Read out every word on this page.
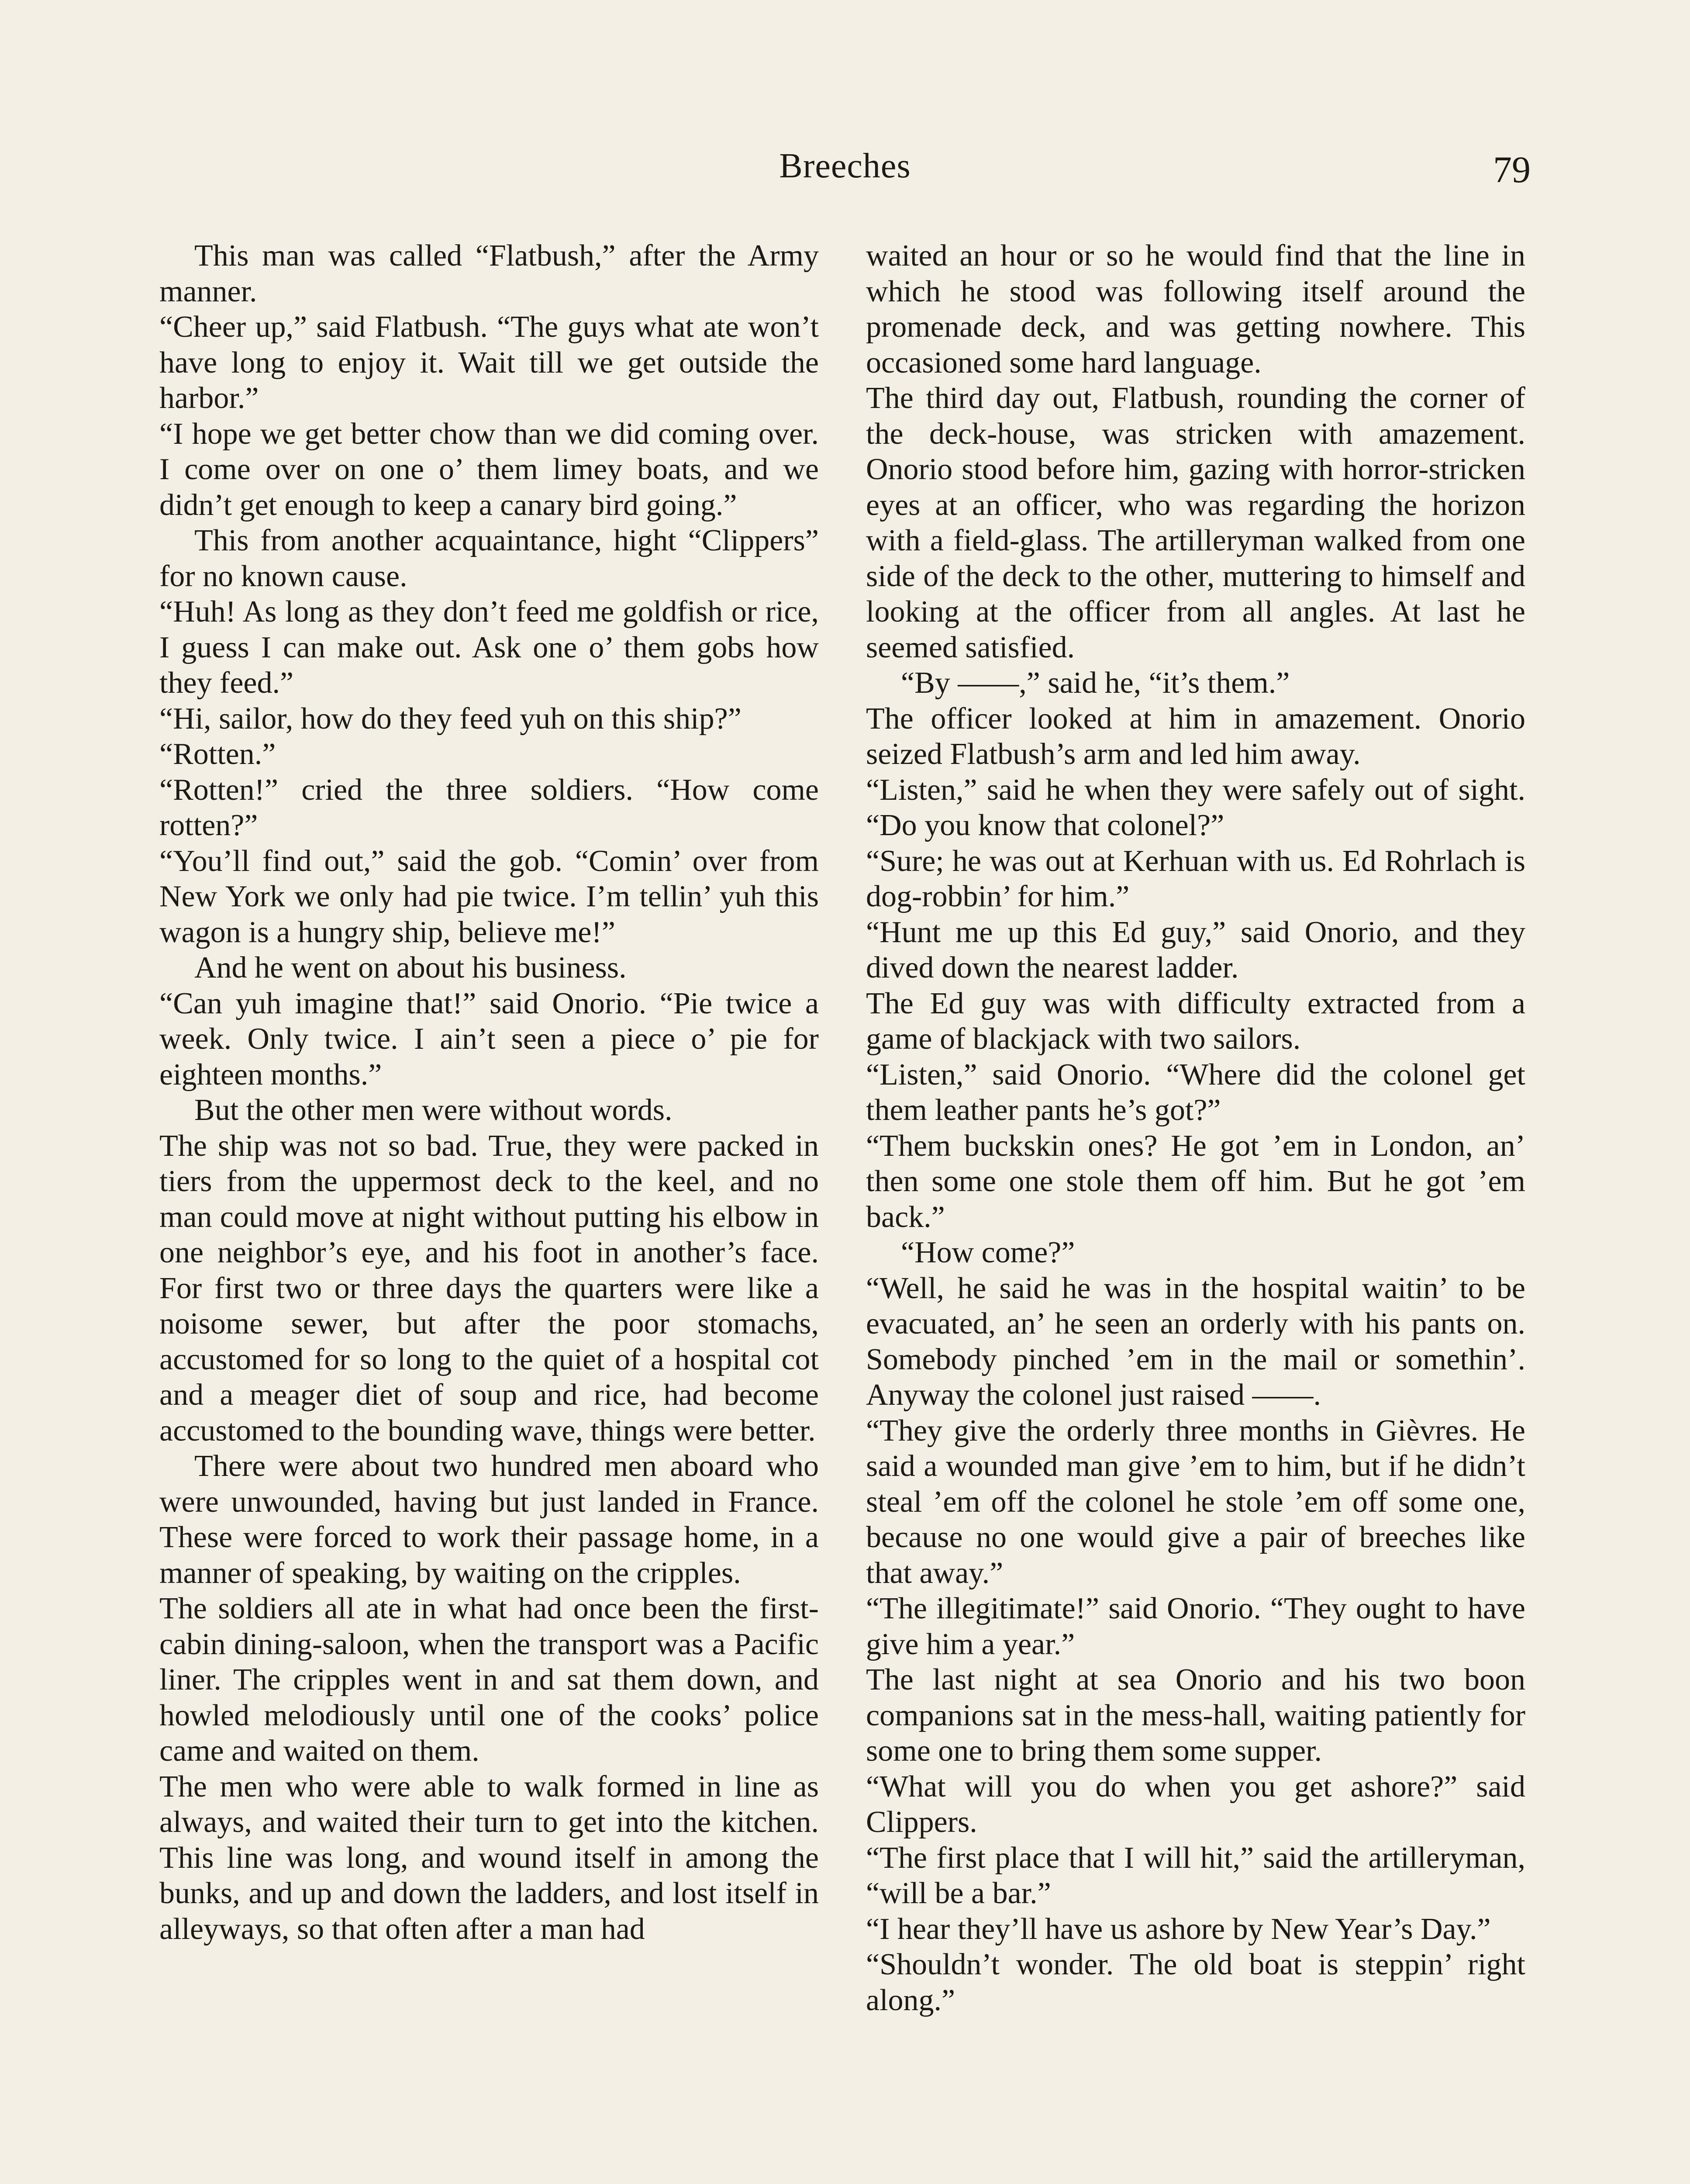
Breeches	79

This man was called “Flatbush,” after the Army manner.

“Cheer up,” said Flatbush. “The guys what ate won’t have long to enjoy it. Wait till we get outside the harbor.”

“I hope we get better chow than we did coming over. I come over on one o’ them limey boats, and we didn’t get enough to keep a canary bird going.”

This from another acquaintance, hight “Clippers” for no known cause.

“Huh! As long as they don’t feed me goldfish or rice, I guess I can make out. Ask one o’ them gobs how they feed.”

“Hi, sailor, how do they feed yuh on this ship?”

“Rotten.”

“Rotten!” cried the three soldiers. “How come rotten?”

“You’ll find out,” said the gob. “Comin’ over from New York we only had pie twice. I’m tellin’ yuh this wagon is a hungry ship, believe me!”

And he went on about his business.

“Can yuh imagine that!” said Onorio. “Pie twice a week. Only twice. I ain’t seen a piece o’ pie for eighteen months.”

But the other men were without words.

The ship was not so bad. True, they were packed in tiers from the uppermost deck to the keel, and no man could move at night without putting his elbow in one neighbor’s eye, and his foot in another’s face. For first two or three days the quarters were like a noisome sewer, but after the poor stomachs, accustomed for so long to the quiet of a hospital cot and a meager diet of soup and rice, had become accustomed to the bounding wave, things were better.

There were about two hundred men aboard who were unwounded, having but just landed in France. These were forced to work their passage home, in a manner of speaking, by waiting on the cripples.

The soldiers all ate in what had once been the first-cabin dining-saloon, when the transport was a Pacific liner. The cripples went in and sat them down, and howled melodiously until one of the cooks’ police came and waited on them.

The men who were able to walk formed in line as always, and waited their turn to get into the kitchen. This line was long, and wound itself in among the bunks, and up and down the ladders, and lost itself in alleyways, so that often after a man had

waited an hour or so he would find that the line in which he stood was following itself around the promenade deck, and was getting nowhere. This occasioned some hard language.

The third day out, Flatbush, rounding the corner of the deck-house, was stricken with amazement. Onorio stood before him, gazing with horror-stricken eyes at an officer, who was regarding the horizon with a field-glass. The artilleryman walked from one side of the deck to the other, muttering to himself and looking at the officer from all angles. At last he seemed satisfied.

“By ——,” said he, “it’s them.”

The officer looked at him in amazement. Onorio seized Flatbush’s arm and led him away.

“Listen,” said he when they were safely out of sight. “Do you know that colonel?”

“Sure; he was out at Kerhuan with us. Ed Rohrlach is dog-robbin’ for him.”

“Hunt me up this Ed guy,” said Onorio, and they dived down the nearest ladder.

The Ed guy was with difficulty extracted from a game of blackjack with two sailors.

“Listen,” said Onorio. “Where did the colonel get them leather pants he’s got?”

“Them buckskin ones? He got ’em in London, an’ then some one stole them off him. But he got ’em back.”

“How come?”

“Well, he said he was in the hospital waitin’ to be evacuated, an’ he seen an orderly with his pants on. Somebody pinched ’em in the mail or somethin’. Anyway the colonel just raised ——.

“They give the orderly three months in Gièvres. He said a wounded man give ’em to him, but if he didn’t steal ’em off the colonel he stole ’em off some one, because no one would give a pair of breeches like that away.”

“The illegitimate!” said Onorio. “They ought to have give him a year.”

The last night at sea Onorio and his two boon companions sat in the mess-hall, waiting patiently for some one to bring them some supper.

“What will you do when you get ashore?” said Clippers.

“The first place that I will hit,” said the artilleryman, “will be a bar.”

“I hear they’ll have us ashore by New Year’s Day.”

“Shouldn’t wonder. The old boat is steppin’ right along.”
